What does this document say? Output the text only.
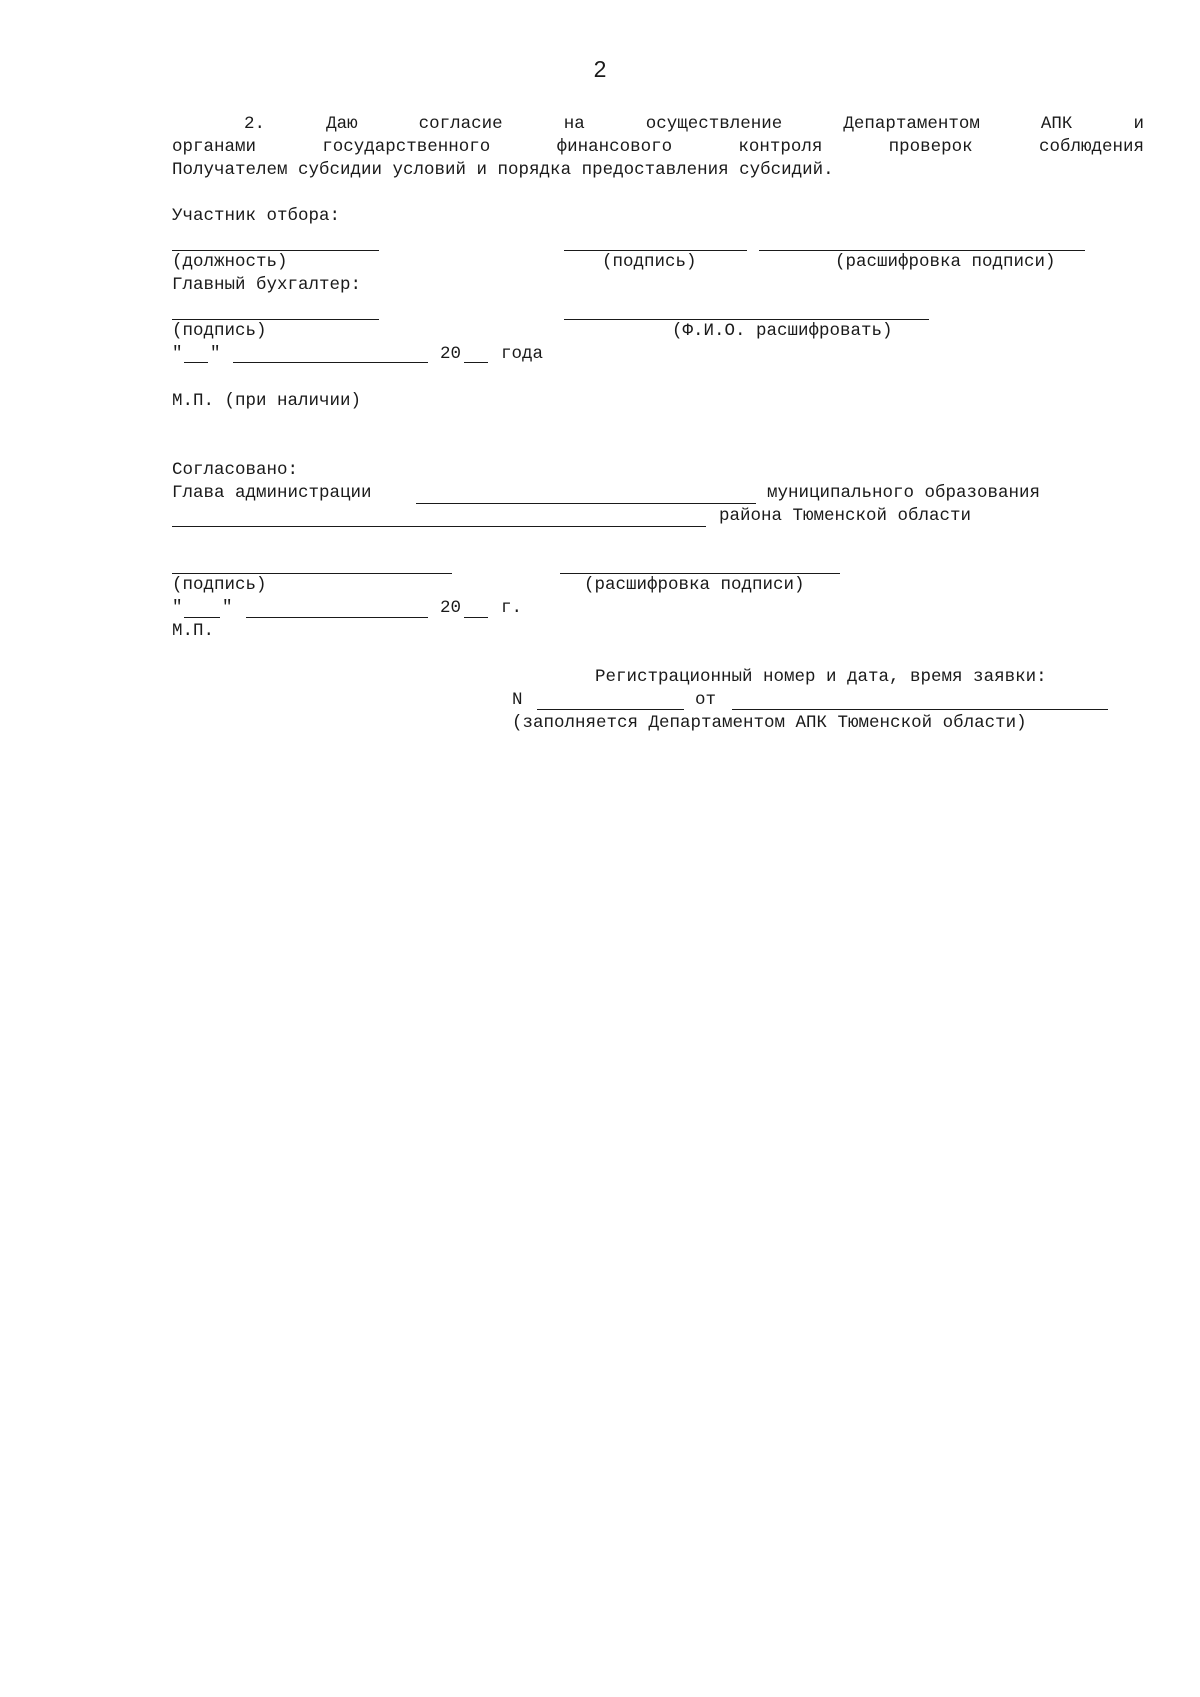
2
2.	Даю	согласие	на	осуществление	Департаментом	АПК	и
органами	государственного	финансового	контроля	проверок	соблюдения
Получателем субсидии условий и порядка предоставления субсидий.
Участник отбора:
(должность)	(подпись)	(расшифровка подписи)
Главный бухгалтер:
(подпись)	(Ф.И.О. расшифровать)
" "	20 года
М.П. (при наличии)
Согласовано:
Глава администрации	муниципального образования
района Тюменской области
(подпись)	(расшифровка подписи)
" "	20 г.
М.П.
Регистрационный номер и дата, время заявки:
N	от
(заполняется Департаментом АПК Тюменской области)
